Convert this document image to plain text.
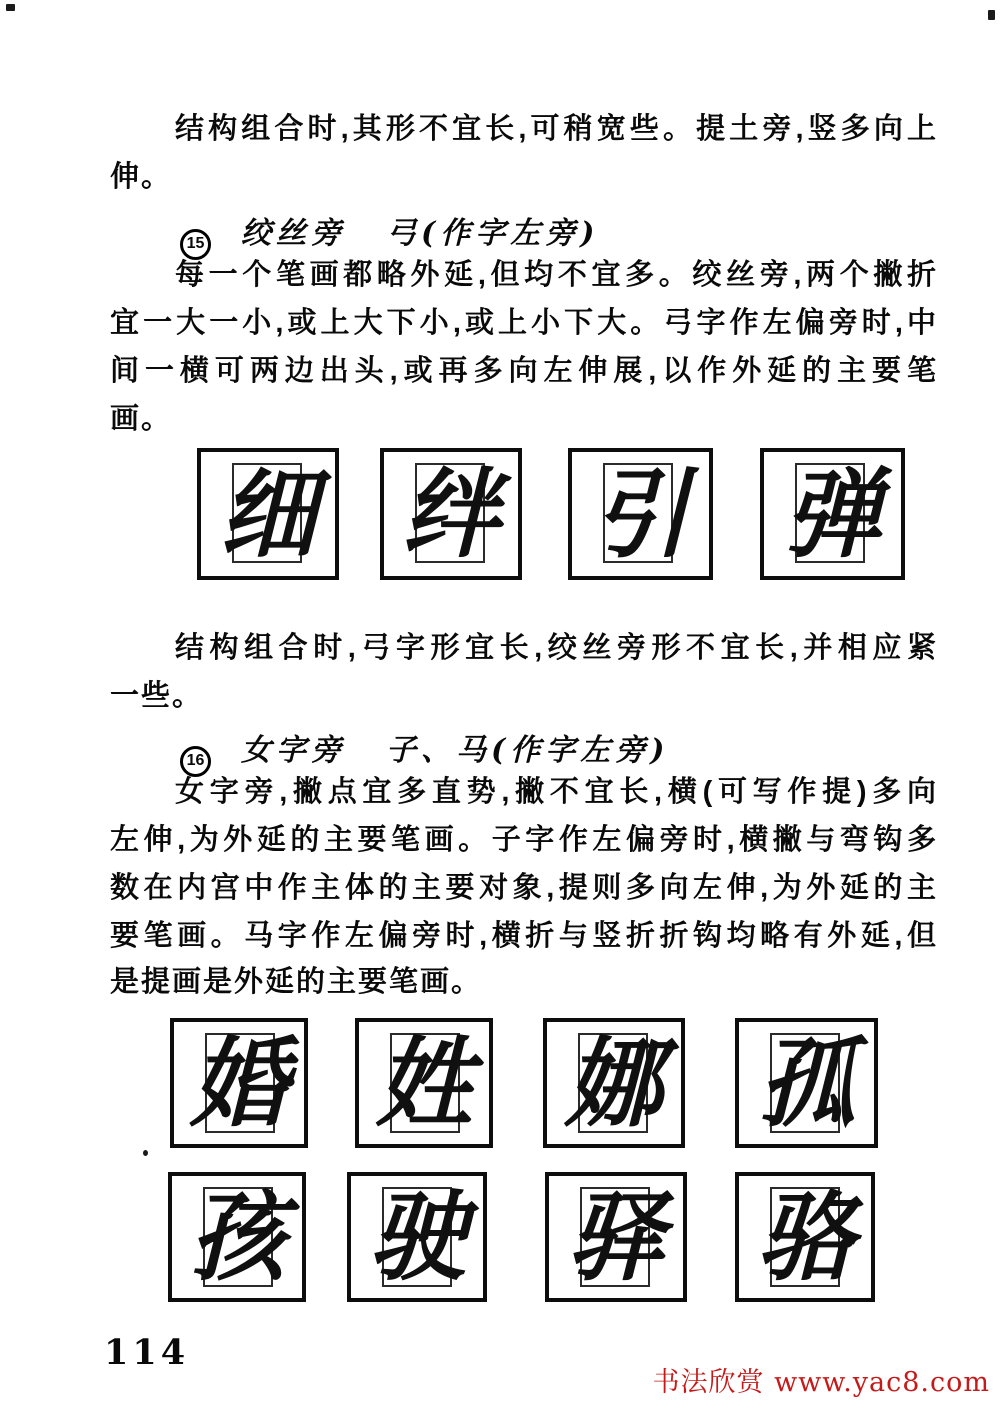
结构组合时,其形不宜长,可稍宽些。提土旁,竖多向上
伸。
15 绞丝旁 弓(作字左旁)
每一个笔画都略外延,但均不宜多。绞丝旁,两个撇折
宜一大一小,或上大下小,或上小下大。弓字作左偏旁时,中
间一横可两边出头,或再多向左伸展,以作外延的主要笔
画。
细 绊 引 弹
结构组合时,弓字形宜长,绞丝旁形不宜长,并相应紧
一些。
16 女字旁 子、马(作字左旁)
女字旁,撇点宜多直势,撇不宜长,横(可写作提)多向
左伸,为外延的主要笔画。子字作左偏旁时,横撇与弯钩多
数在内宫中作主体的主要对象,提则多向左伸,为外延的主
要笔画。马字作左偏旁时,横折与竖折折钩均略有外延,但
是提画是外延的主要笔画。
婚 姓 娜 孤
孩 驶 驿 骆
114
书法欣赏 www.yac8.com
